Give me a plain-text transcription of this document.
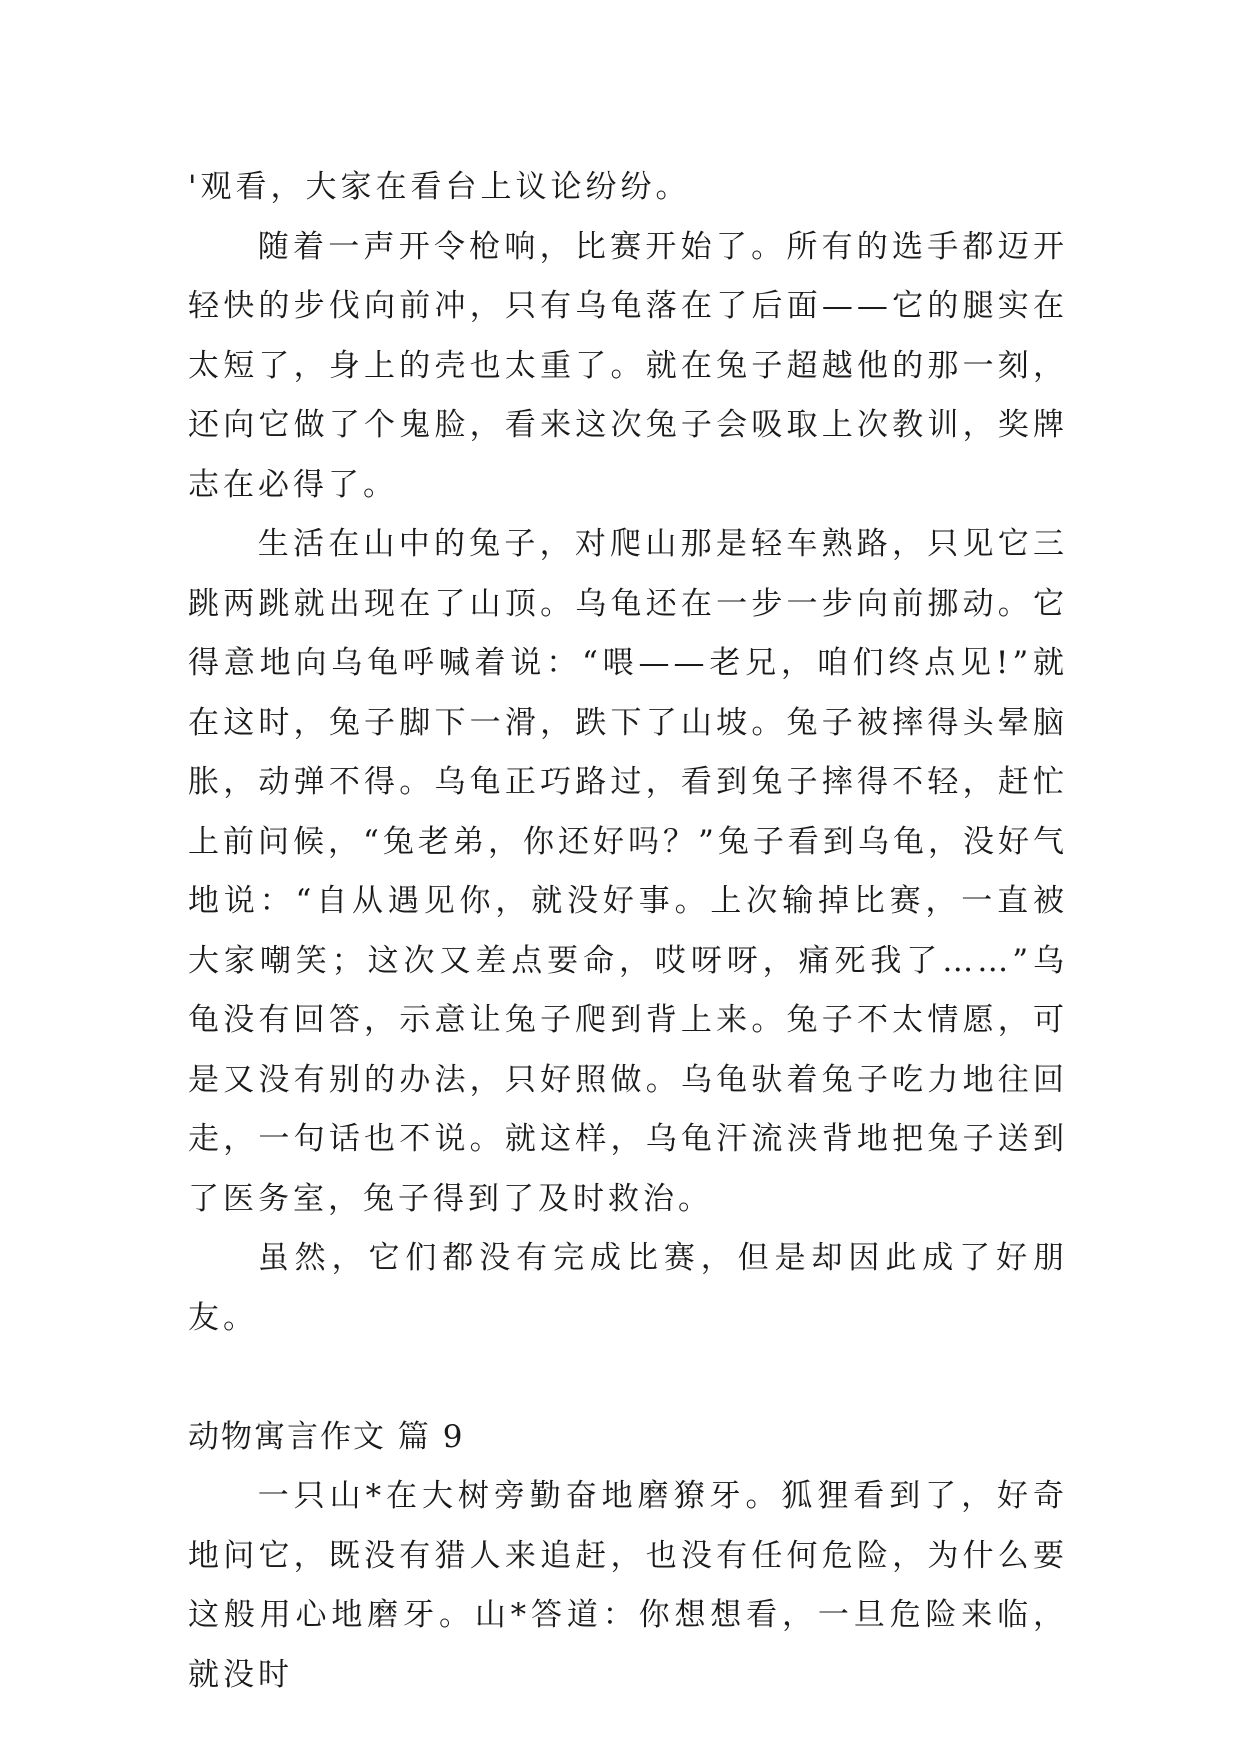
'观看，大家在看台上议论纷纷。

随着一声开令枪响，比赛开始了。所有的选手都迈开轻快的步伐向前冲，只有乌龟落在了后面——它的腿实在太短了，身上的壳也太重了。就在兔子超越他的那一刻，还向它做了个鬼脸，看来这次兔子会吸取上次教训，奖牌志在必得了。

生活在山中的兔子，对爬山那是轻车熟路，只见它三跳两跳就出现在了山顶。乌龟还在一步一步向前挪动。它得意地向乌龟呼喊着说：“喂——老兄，咱们终点见!”就在这时，兔子脚下一滑，跌下了山坡。兔子被摔得头晕脑胀，动弹不得。乌龟正巧路过，看到兔子摔得不轻，赶忙上前问候，“兔老弟，你还好吗？”兔子看到乌龟，没好气地说：“自从遇见你，就没好事。上次输掉比赛，一直被大家嘲笑；这次又差点要命，哎呀呀，痛死我了……”乌龟没有回答，示意让兔子爬到背上来。兔子不太情愿，可是又没有别的办法，只好照做。乌龟驮着兔子吃力地往回走，一句话也不说。就这样，乌龟汗流浃背地把兔子送到了医务室，兔子得到了及时救治。

虽然，它们都没有完成比赛，但是却因此成了好朋友。

动物寓言作文 篇 9

一只山*在大树旁勤奋地磨獠牙。狐狸看到了，好奇地问它，既没有猎人来追赶，也没有任何危险，为什么要这般用心地磨牙。山*答道：你想想看，一旦危险来临，就没时
